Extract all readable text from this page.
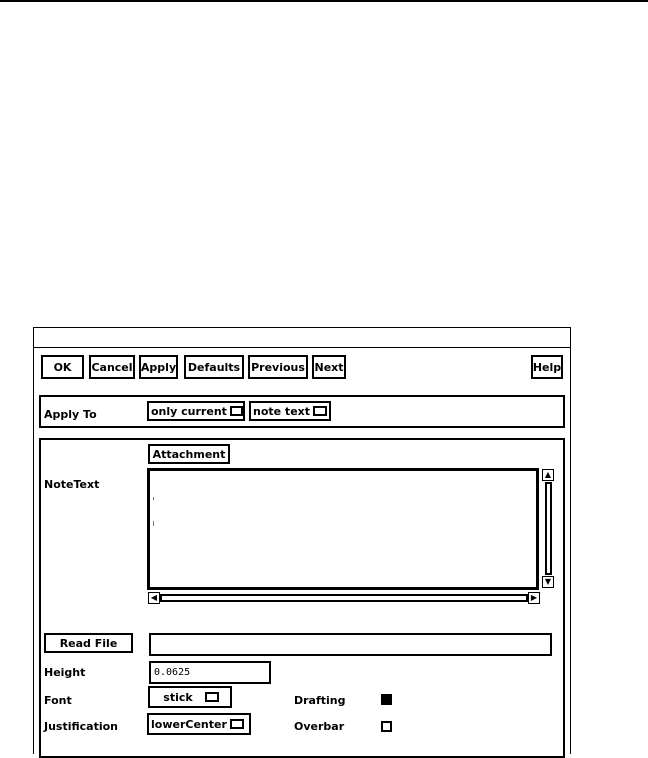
OK	Cancel Apply	Defaults Previous Next	Help
Apply To	only current note text
Attachment
NoteText
▲
▼
◀	▶
Read File
Height	0.0625
Font	stick	Drafting
Justification	lowerCenter	Overbar
